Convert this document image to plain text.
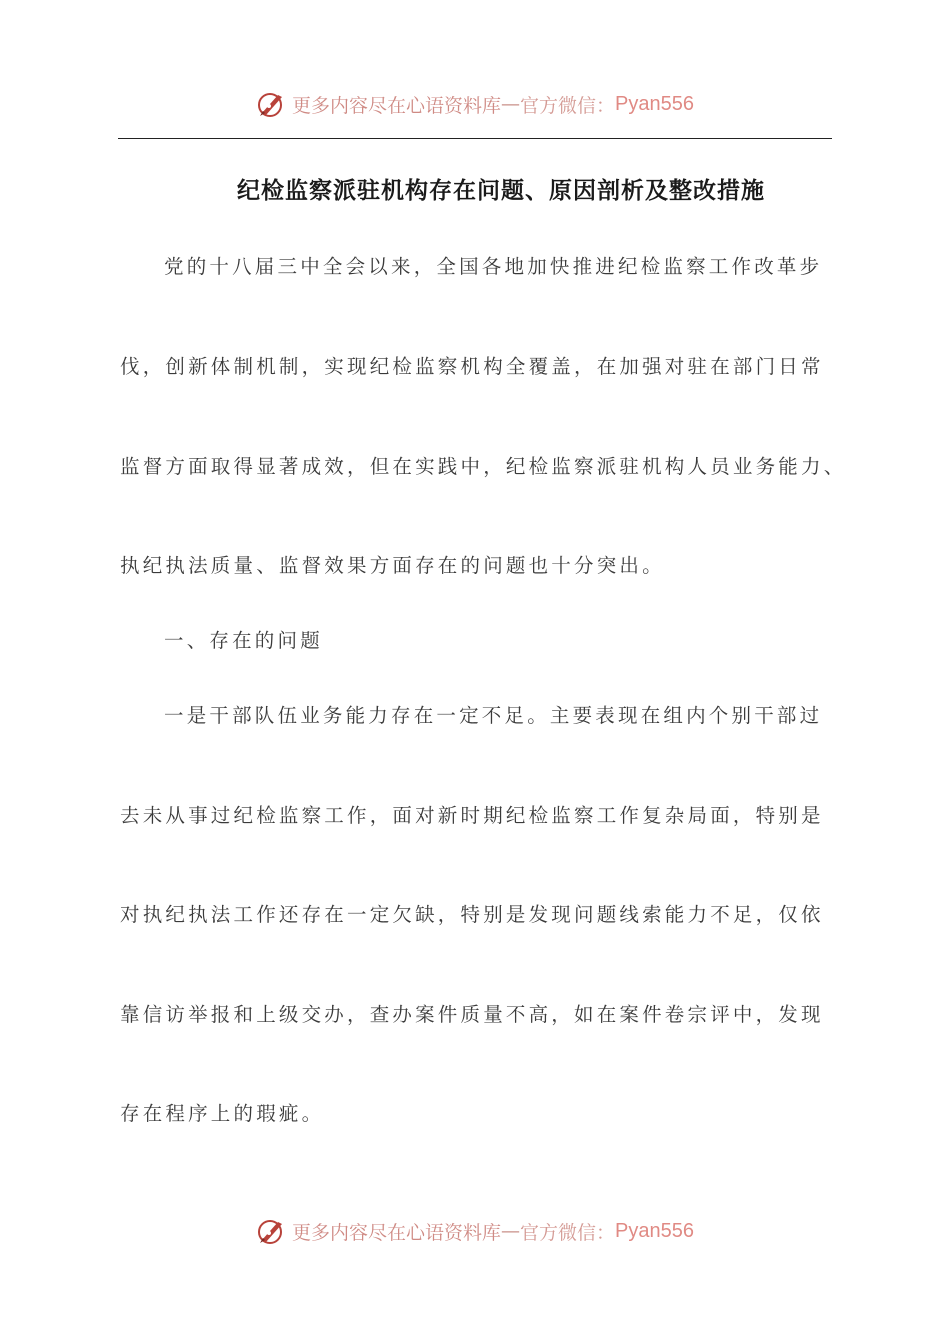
更多内容尽在心语资料库 — 官方微信： Pyan556
纪检监察派驻机构存在问题、原因剖析及整改措施
党的十八届三中全会以来，全国各地加快推进纪检监察工作改革步
伐，创新体制机制，实现纪检监察机构全覆盖，在加强对驻在部门日常
监督方面取得显著成效，但在实践中，纪检监察派驻机构人员业务能力、
执纪执法质量、监督效果方面存在的问题也十分突出。
一、存在的问题
一是干部队伍业务能力存在一定不足。主要表现在组内个别干部过
去未从事过纪检监察工作，面对新时期纪检监察工作复杂局面，特别是
对执纪执法工作还存在一定欠缺，特别是发现问题线索能力不足，仅依
靠信访举报和上级交办，查办案件质量不高，如在案件卷宗评中，发现
存在程序上的瑕疵。
更多内容尽在心语资料库 — 官方微信： Pyan556
